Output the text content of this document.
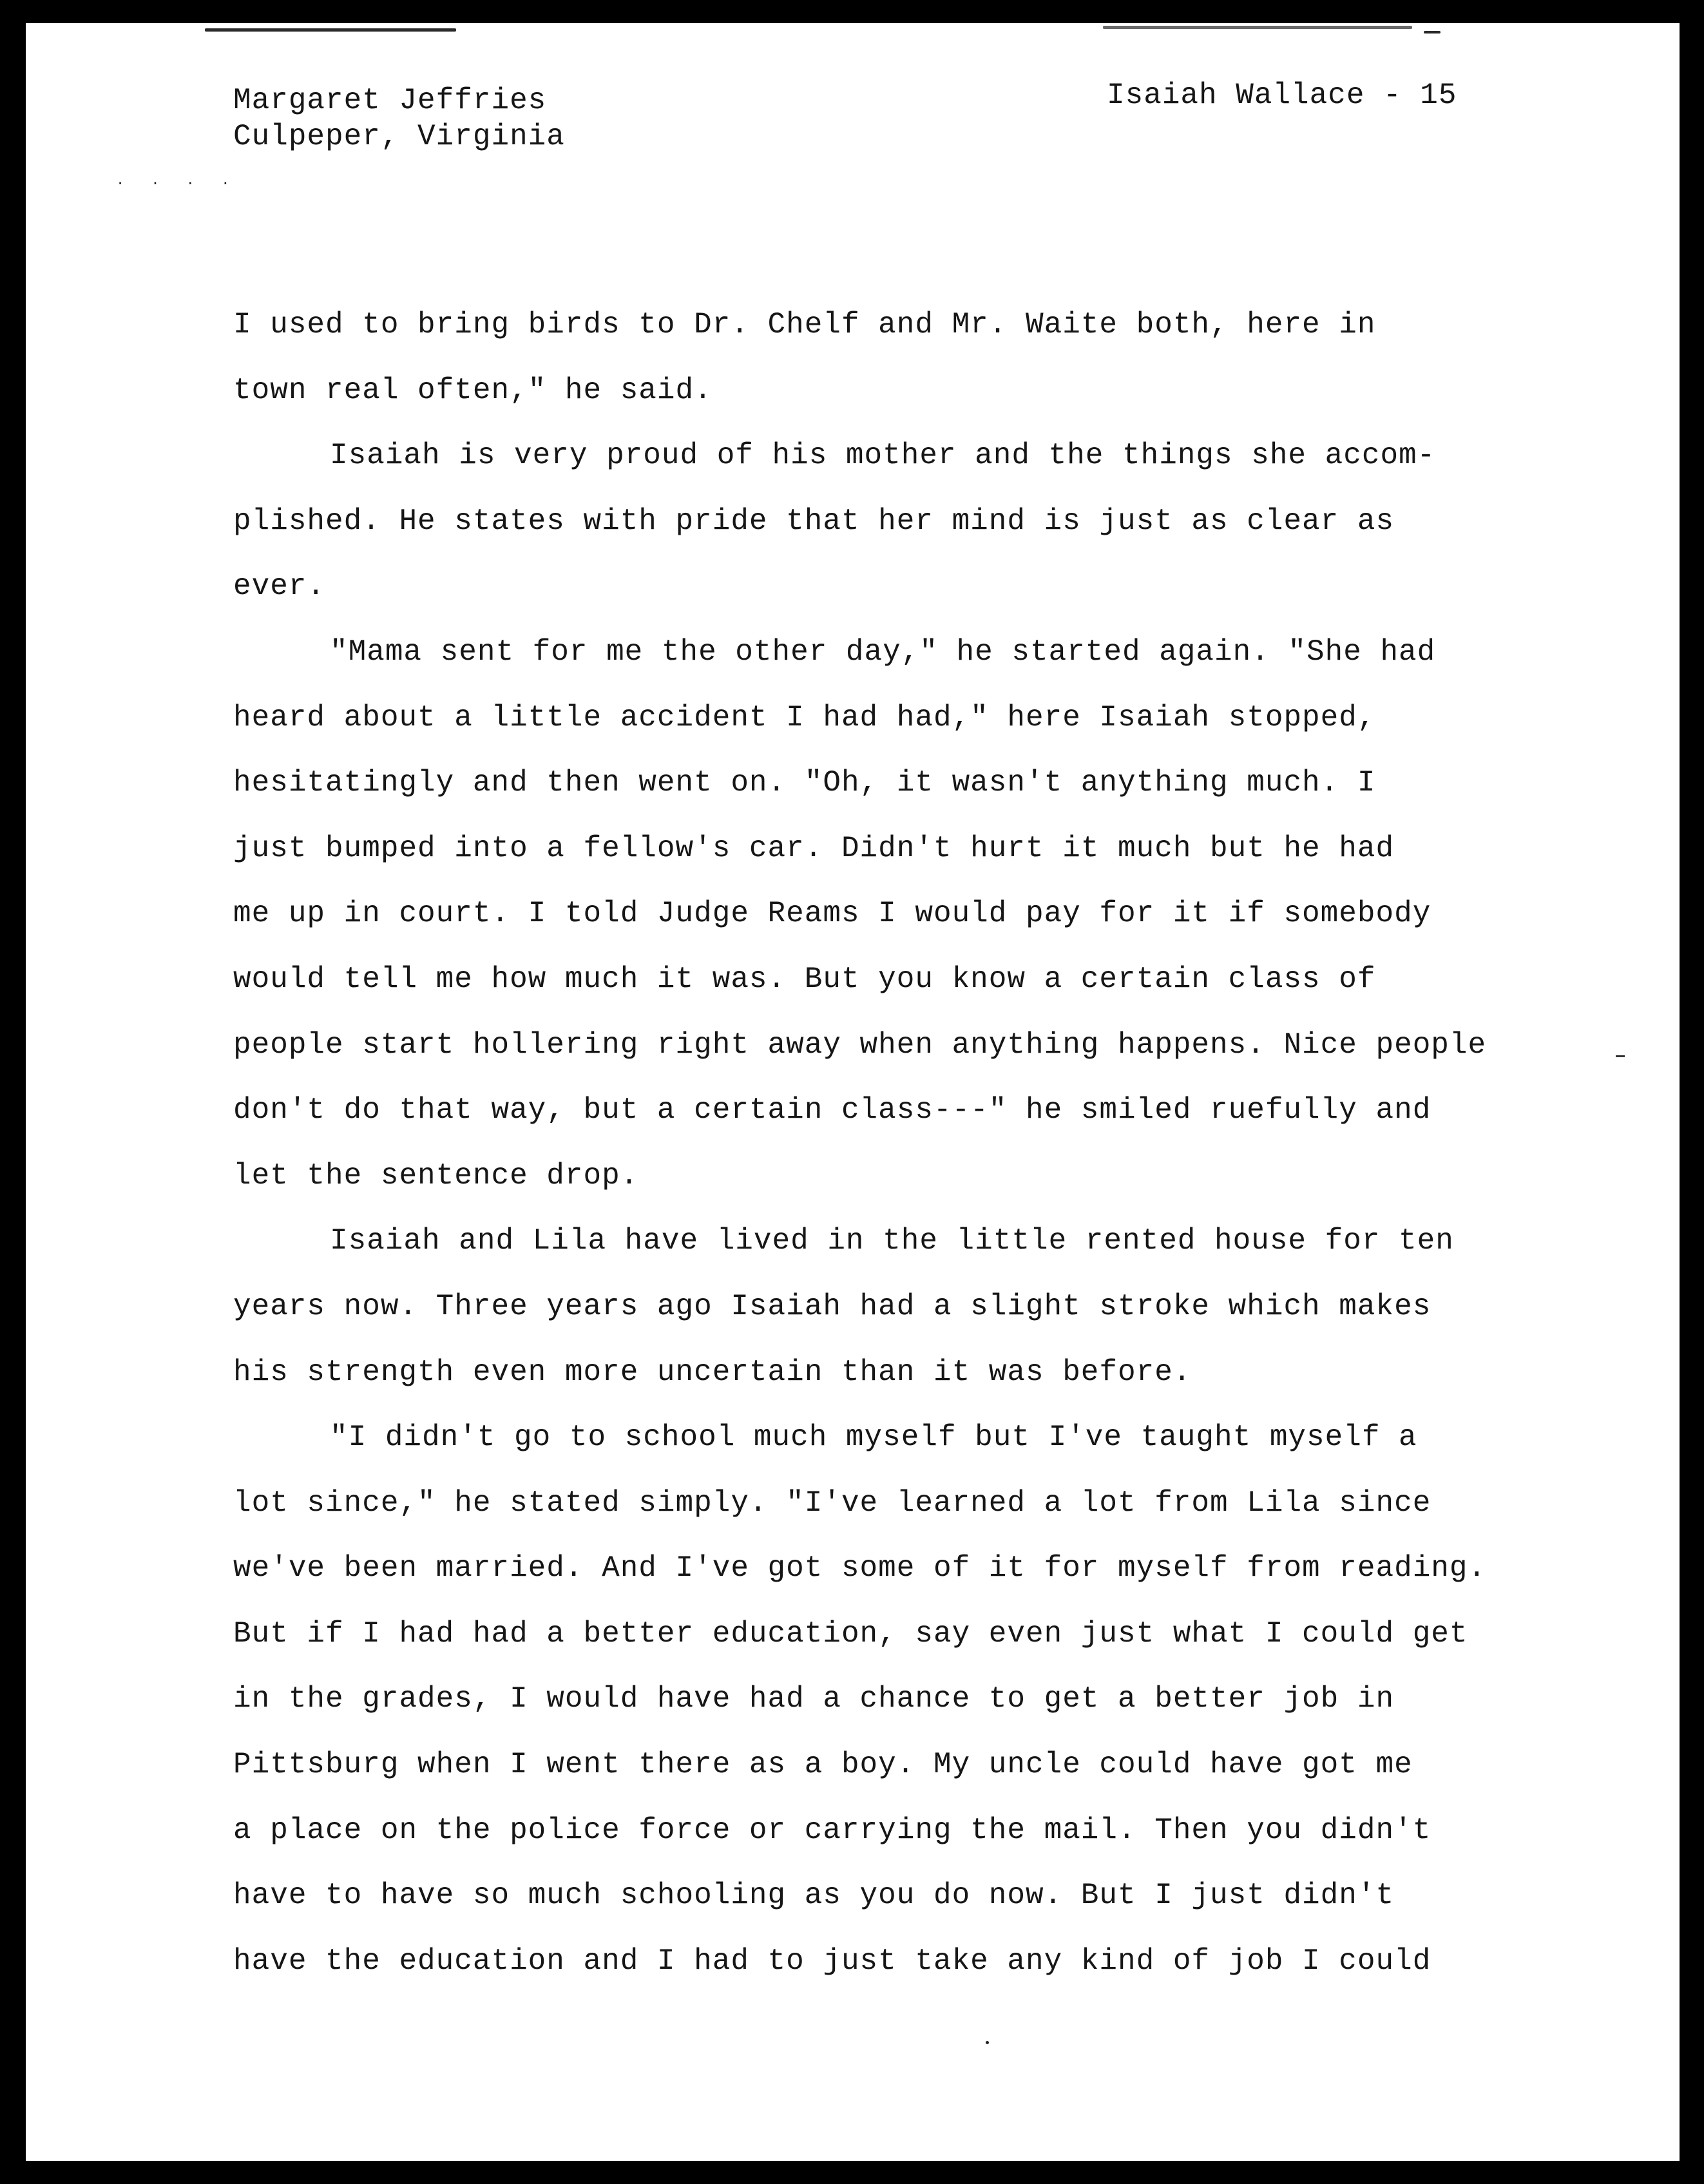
Margaret Jeffries
Culpeper, Virginia
Isaiah Wallace - 15
. . . .
I used to bring birds to Dr. Chelf and Mr. Waite both, here in
town real often," he said.
Isaiah is very proud of his mother and the things she accom-
plished. He states with pride that her mind is just as clear as
ever.
"Mama sent for me the other day," he started again. "She had
heard about a little accident I had had," here Isaiah stopped,
hesitatingly and then went on. "Oh, it wasn't anything much. I
just bumped into a fellow's car. Didn't hurt it much but he had
me up in court. I told Judge Reams I would pay for it if somebody
would tell me how much it was. But you know a certain class of
people start hollering right away when anything happens. Nice people
don't do that way, but a certain class---" he smiled ruefully and
let the sentence drop.
Isaiah and Lila have lived in the little rented house for ten
years now. Three years ago Isaiah had a slight stroke which makes
his strength even more uncertain than it was before.
"I didn't go to school much myself but I've taught myself a
lot since," he stated simply. "I've learned a lot from Lila since
we've been married. And I've got some of it for myself from reading.
But if I had had a better education, say even just what I could get
in the grades, I would have had a chance to get a better job in
Pittsburg when I went there as a boy. My uncle could have got me
a place on the police force or carrying the mail. Then you didn't
have to have so much schooling as you do now. But I just didn't
have the education and I had to just take any kind of job I could
